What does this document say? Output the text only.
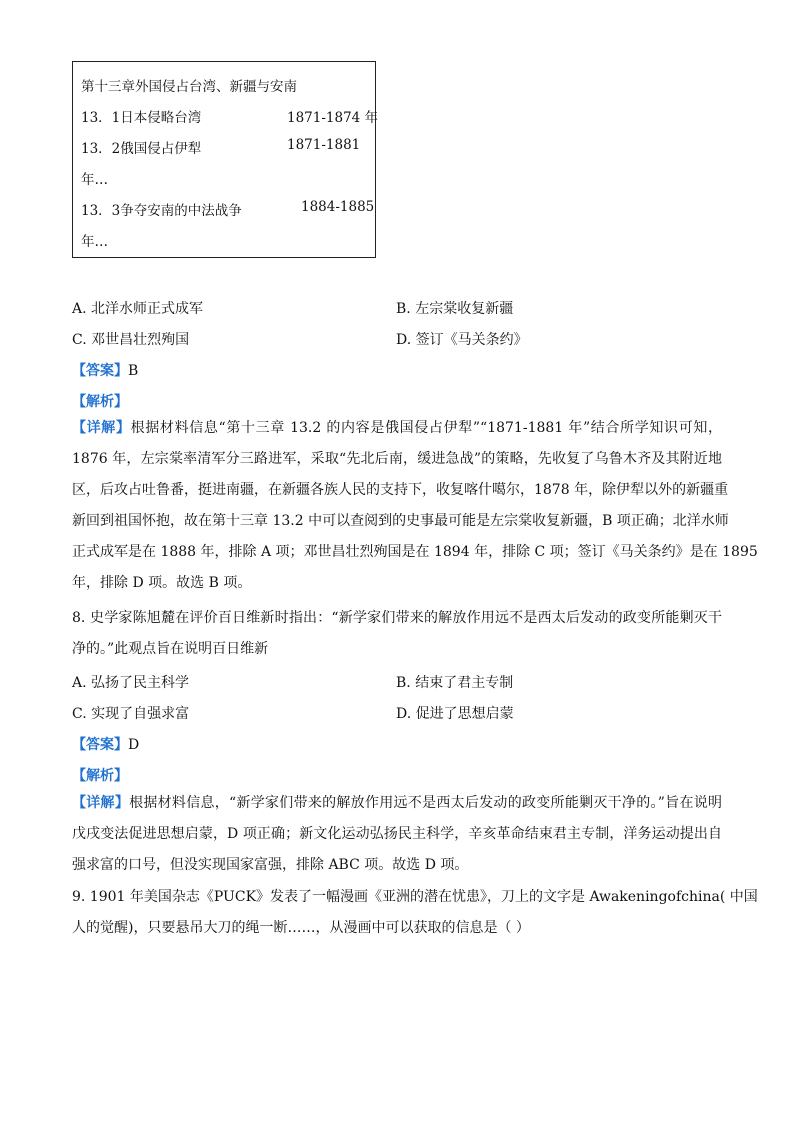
第十三章外国侵占台湾、新疆与安南
13．1日本侵略台湾	1871-1874 年
13．2俄国侵占伊犁	1871-1881
年…
13．3争夺安南的中法战争	1884-1885
年…
A. 北洋水师正式成军	B. 左宗棠收复新疆
C. 邓世昌壮烈殉国	D. 签订《马关条约》
【答案】B
【解析】
【详解】根据材料信息“第十三章 13.2 的内容是俄国侵占伊犁”“1871-1881 年”结合所学知识可知，
1876 年，左宗棠率清军分三路进军，采取“先北后南，缓进急战”的策略，先收复了乌鲁木齐及其附近地
区，后攻占吐鲁番，挺进南疆，在新疆各族人民的支持下，收复喀什噶尔，1878 年，除伊犁以外的新疆重
新回到祖国怀抱，故在第十三章 13.2 中可以查阅到的史事最可能是左宗棠收复新疆，B 项正确；北洋水师
正式成军是在 1888 年，排除 A 项；邓世昌壮烈殉国是在 1894 年，排除 C 项；签订《马关条约》是在 1895
年，排除 D 项。故选 B 项。
8. 史学家陈旭麓在评价百日维新时指出：“新学家们带来的解放作用远不是西太后发动的政变所能剿灭干
净的。”此观点旨在说明百日维新
A. 弘扬了民主科学	B. 结束了君主专制
C. 实现了自强求富	D. 促进了思想启蒙
【答案】D
【解析】
【详解】根据材料信息，“新学家们带来的解放作用远不是西太后发动的政变所能剿灭干净的。”旨在说明
戊戌变法促进思想启蒙，D 项正确；新文化运动弘扬民主科学，辛亥革命结束君主专制，洋务运动提出自
强求富的口号，但没实现国家富强，排除 ABC 项。故选 D 项。
9. 1901 年美国杂志《PUCK》发表了一幅漫画《亚洲的潜在忧患》，刀上的文字是 Awakeningofchina( 中国
人的觉醒)，只要悬吊大刀的绳一断……，从漫画中可以获取的信息是（ ）
